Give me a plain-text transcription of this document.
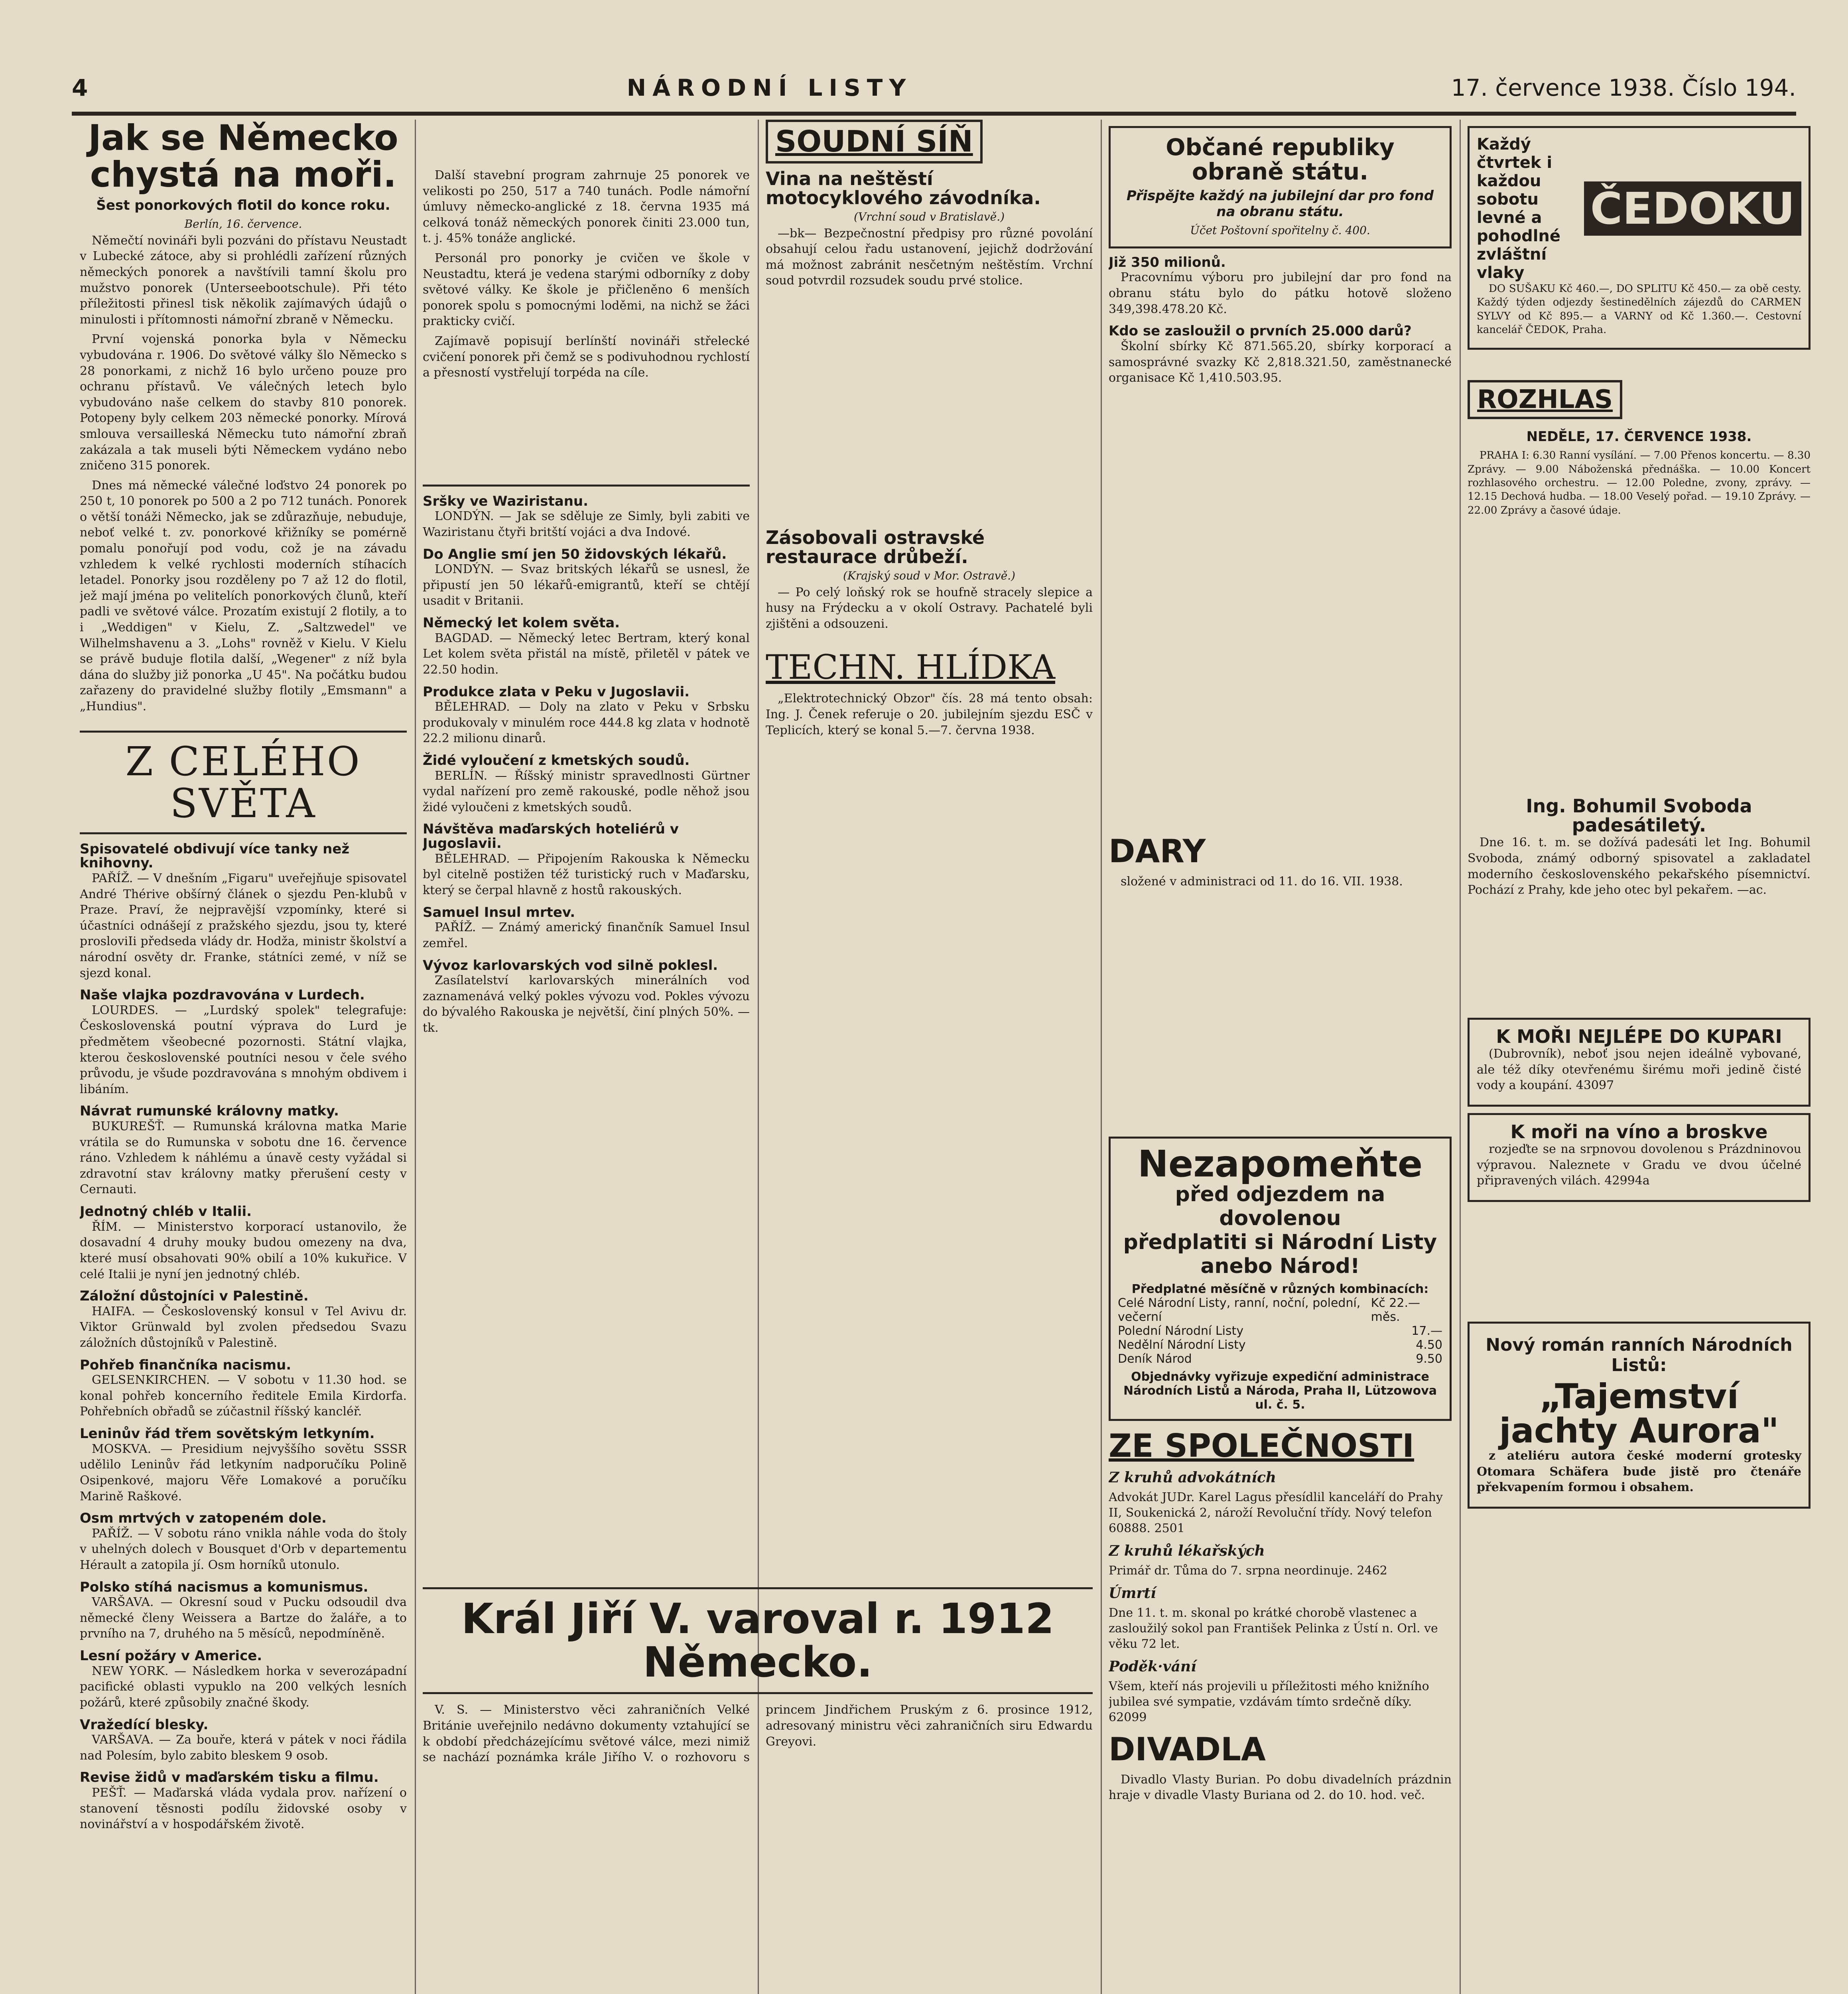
4	NÁRODNÍ LISTY	17. července 1938. Číslo 194.
Jak se Německo chystá na moři.
Šest ponorkových flotil do konce roku.
Berlín, 16. července.

Němečtí novináři byli pozváni do přístavu Neustadt v Lubecké zátoce, aby si prohlédli zařízení různých německých ponorek a navštívili tamní školu pro mužstvo ponorek (Unterseebootschule). Při této příležitosti přinesl tisk několik zajímavých údajů o minulosti i přítomnosti námořní zbraně v Německu.

První vojenská ponorka byla v Německu vybudována r. 1906. Do světové války šlo Německo s 28 ponorkami, z nichž 16 bylo určeno pouze pro ochranu přístavů. Ve válečných letech bylo vybudováno naše celkem do stavby 810 ponorek. Potopeny byly celkem 203 německé ponorky. Mírová smlouva versailleská Německu tuto námořní zbraň zakázala a tak museli býti Německem vydáno nebo zničeno 315 ponorek.

Dnes má německé válečné loďstvo 24 ponorek po 250 t, 10 ponorek po 500 a 2 po 712 tunách. Ponorek o větší tonáži Německo, jak se zdůrazňuje, nebuduje, neboť velké t. zv. ponorkové křižníky se pomérně pomalu ponořují pod vodu, což je na závadu vzhledem k velké rychlosti moderních stíhacích letadel. Ponorky jsou rozděleny po 7 až 12 do flotil, jež mají jména po velitelích ponorkových člunů, kteří padli ve světové válce. Prozatím existují 2 flotily, a to i „Weddigen" v Kielu, Z. „Saltzwedel" ve Wilhelmshavenu a 3. „Lohs" rovněž v Kielu. V Kielu se právě buduje flotila další, „Wegener" z níž byla dána do služby již ponorka „U 45". Na počátku budou zařazeny do pravidelné služby flotily „Emsmann" a „Hundius".

Z CELÉHO SVĚTA
Spisovatelé obdivují více tanky než knihovny.

PAŘÍŽ. — V dnešním „Figaru" uveřejňuje spisovatel André Thérive obšírný článek o sjezdu Pen-klubů v Praze. Praví, že nejpravější vzpomínky, které si účastníci odnášejí z pražského sjezdu, jsou ty, které prosloviIi předseda vlády dr. Hodža, ministr školství a národní osvěty dr. Franke, státníci zemé, v níž se sjezd konal.

Naše vlajka pozdravována v Lurdech.

LOURDES. — „Lurdský spolek" telegrafuje: Československá poutní výprava do Lurd je předmětem všeobecné pozornosti. Státní vlajka, kterou československé poutníci nesou v čele svého průvodu, je všude pozdravována s mnohým obdivem i libáním.

Návrat rumunské královny matky.

BUKUREŠŤ. — Rumunská královna matka Marie vrátila se do Rumunska v sobotu dne 16. července ráno. Vzhledem k náhlému a únavě cesty vyžádal si zdravotní stav královny matky přerušení cesty v Cernauti.

Jednotný chléb v Italii.

ŘÍM. — Ministerstvo korporací ustanovilo, že dosavadní 4 druhy mouky budou omezeny na dva, které musí obsahovati 90% obilí a 10% kukuřice. V celé Italii je nyní jen jednotný chléb.

Záložní důstojníci v Palestině.

HAIFA. — Československý konsul v Tel Avivu dr. Viktor Grünwald byl zvolen předsedou Svazu záložních důstojníků v Palestině.

Pohřeb finančníka nacismu.

GELSENKIRCHEN. — V sobotu v 11.30 hod. se konal pohřeb koncerního ředitele Emila Kirdorfa. Pohřebních obřadů se zúčastnil říšský kancléř.

Leninův řád třem sovětským letkyním.

MOSKVA. — Presidium nejvyššího sovětu SSSR udělilo Leninův řád letkyním nadporučíku Polině Osipenkové, majoru Věře Lomakové a poručíku Marině Raškové.

Osm mrtvých v zatopeném dole.

PAŘÍŽ. — V sobotu ráno vnikla náhle voda do štoly v uhelných dolech v Bousquet d'Orb v departementu Hérault a zatopila jí. Osm horníků utonulo.

Polsko stíhá nacismus a komunismus.

VARŠAVA. — Okresní soud v Pucku odsoudil dva německé členy Weissera a Bartze do žaláře, a to prvního na 7, druhého na 5 měsíců, nepodmíněně.

Lesní požáry v Americe.

NEW YORK. — Následkem horka v severozápadní pacifické oblasti vypuklo na 200 velkých lesních požárů, které způsobily značné škody.

Vražedící blesky.

VARŠAVA. — Za bouře, která v pátek v noci řádila nad Polesím, bylo zabito bleskem 9 osob.

Revise židů v maďarském tisku a filmu.

PEŠŤ. — Maďarská vláda vydala prov. nařízení o stanovení těsnosti podílu židovské osoby v novinářství a v hospodářském životě.

Další stavební program zahrnuje 25 ponorek ve velikosti po 250, 517 a 740 tunách. Podle námořní úmluvy německo-anglické z 18. června 1935 má celková tonáž německých ponorek činiti 23.000 tun, t. j. 45% tonáže anglické.

Personál pro ponorky je cvičen ve škole v Neustadtu, která je vedena starými odborníky z doby světové války. Ke škole je přičleněno 6 menších ponorek spolu s pomocnými loděmi, na nichž se žáci prakticky cvičí.

Zajímavě popisují berlínští novináři střelecké cvičení ponorek při čemž se s podivuhodnou rychlostí a přesností vystřelují torpéda na cíle.

Sršky ve Waziristanu.

LONDÝN. — Jak se sděluje ze Simly, byli zabiti ve Waziristanu čtyři britští vojáci a dva Indové.

Do Anglie smí jen 50 židovských lékařů.

LONDÝN. — Svaz britských lékařů se usnesl, že připustí jen 50 lékařů-emigrantů, kteří se chtějí usadit v Britanii.

Německý let kolem světa.

BAGDAD. — Německý letec Bertram, který konal Let kolem světa přistál na místě, přiletěl v pátek ve 22.50 hodin.

Produkce zlata v Peku v Jugoslavii.

BĚLEHRAD. — Doly na zlato v Peku v Srbsku produkovaly v minulém roce 444.8 kg zlata v hodnotě 22.2 milionu dinarů.

Židé vyloučení z kmetských soudů.

BERLÍN. — Říšský ministr spravedlnosti Gürtner vydal nařízení pro země rakouské, podle něhož jsou židé vyloučeni z kmetských soudů.

Návštěva maďarských hoteliérů v Jugoslavii.

BĚLEHRAD. — Připojením Rakouska k Německu byl citelně postižen též turistický ruch v Maďarsku, který se čerpal hlavně z hostů rakouských.

Samuel Insul mrtev.

PAŘÍŽ. — Známý americký finančník Samuel Insul zemřel.

Vývoz karlovarských vod silně poklesl.

Zasílatelství karlovarských minerálních vod zaznamenává velký pokles vývozu vod. Pokles vývozu do bývalého Rakouska je největší, činí plných 50%. —tk.

SOUDNÍ SÍŇ
Vina na neštěstí motocyklového závodníka.
(Vrchní soud v Bratislavě.)

—bk— Bezpečnostní předpisy pro různé povolání obsahují celou řadu ustanovení, jejichž dodržování má možnost zabránit nesčetným neštěstím. Vrchní soud potvrdil rozsudek soudu prvé stolice.

Zásobovali ostravské restaurace drůbeží.
(Krajský soud v Mor. Ostravě.)

— Po celý loňský rok se houfně stracely slepice a husy na Frýdecku a v okolí Ostravy. Pachatelé byli zjištěni a odsouzeni.

TECHN. HLÍDKA

„Elektrotechnický Obzor" čís. 28 má tento obsah: Ing. J. Čenek referuje o 20. jubilejním sjezdu ESČ v Teplicích, který se konal 5.—7. června 1938.

Král Jiří V. varoval r. 1912 Německo.

V. S. — Ministerstvo věci zahraničních Velké Británie uveřejnilo nedávno dokumenty vztahující se k období předcházejícímu světové válce, mezi nimiž se nachází poznámka krále Jiřího V. o rozhovoru s princem Jindřichem Pruským z 6. prosince 1912, adresovaný ministru věci zahraničních siru Edwardu Greyovi.

Občané republiky obraně státu.
Přispějte každý na jubilejní dar pro fond na obranu státu.
Účet Poštovní spořitelny č. 400.
Již 350 milionů.

Pracovnímu výboru pro jubilejní dar pro fond na obranu státu bylo do pátku hotově složeno 349,398.478.20 Kč.

Kdo se zasloužil o prvních 25.000 darů?

Školní sbírky Kč 871.565.20, sbírky korporací a samosprávné svazky Kč 2,818.321.50, zaměstnanecké organisace Kč 1,410.503.95.

DARY

složené v administraci od 11. do 16. VII. 1938.

Nezapomeňte
před odjezdem na dovolenou
předplatiti si Národní Listy
anebo Národ!
Předplatné měsíčně v různých kombinacích:
Celé Národní Listy, ranní, noční, polední, večerní
Kč 22.— měs.
Polední Národní Listy	17.—
Nedělní Národní Listy	4.50
Deník Národ	9.50
Objednávky vyřizuje expediční administrace Národních Listů a Národa, Praha II, Lützowova ul. č. 5.
ZE SPOLEČNOSTI
Z kruhů advokátních
Advokát JUDr. Karel Lagus přesídlil kanceláří do Prahy II, Soukenická 2, nároží Revoluční třídy. Nový telefon 60888. 2501
Z kruhů lékařských
Primář dr. Tůma do 7. srpna neordinuje. 2462
Úmrtí
Dne 11. t. m. skonal po krátké chorobě vlastenec a zasloužilý sokol pan František Pelinka z Ústí n. Orl. ve věku 72 let.
Poděk·vání
Všem, kteří nás projevili u příležitosti mého knižního jubilea své sympatie, vzdávám tímto srdečně díky. 62099
DIVADLA

Divadlo Vlasty Burian. Po dobu divadelních prázdnin hraje v divadle Vlasty Buriana od 2. do 10. hod. več.

Každý čtvrtek i každou sobotu levné a pohodlné zvláštní vlaky
ČEDOKU

DO SUŠAKU Kč 460.—, DO SPLITU Kč 450.— za obě cesty. Každý týden odjezdy šestinedělních zájezdů do CARMEN SYLVY od Kč 895.— a VARNY od Kč 1.360.—. Cestovní kancelář ČEDOK, Praha.

ROZHLAS
NEDĚLE, 17. ČERVENCE 1938.

PRAHA I: 6.30 Ranní vysílání. — 7.00 Přenos koncertu. — 8.30 Zprávy. — 9.00 Náboženská přednáška. — 10.00 Koncert rozhlasového orchestru. — 12.00 Poledne, zvony, zprávy. — 12.15 Dechová hudba. — 18.00 Veselý pořad. — 19.10 Zprávy. — 22.00 Zprávy a časové údaje.

Ing. Bohumil Svoboda padesátiletý.

Dne 16. t. m. se dožívá padesáti let Ing. Bohumil Svoboda, známý odborný spisovatel a zakladatel moderního československého pekařského písemnictví. Pochází z Prahy, kde jeho otec byl pekařem. —ac.

K MOŘI NEJLÉPE DO KUPARI

(Dubrovník), neboť jsou nejen ideálně vybované, ale též díky otevřenému širému moři jedině čisté vody a koupání. 43097

K moři na víno a broskve

rozjeďte se na srpnovou dovolenou s Prázdninovou výpravou. Naleznete v Gradu ve dvou účelné připravených vilách. 42994a

Nový román ranních Národních Listů:
„Tajemství jachty Aurora"

z ateliéru autora české moderní grotesky Otomara Schäfera bude jistě pro čtenáře překvapením formou i obsahem.
